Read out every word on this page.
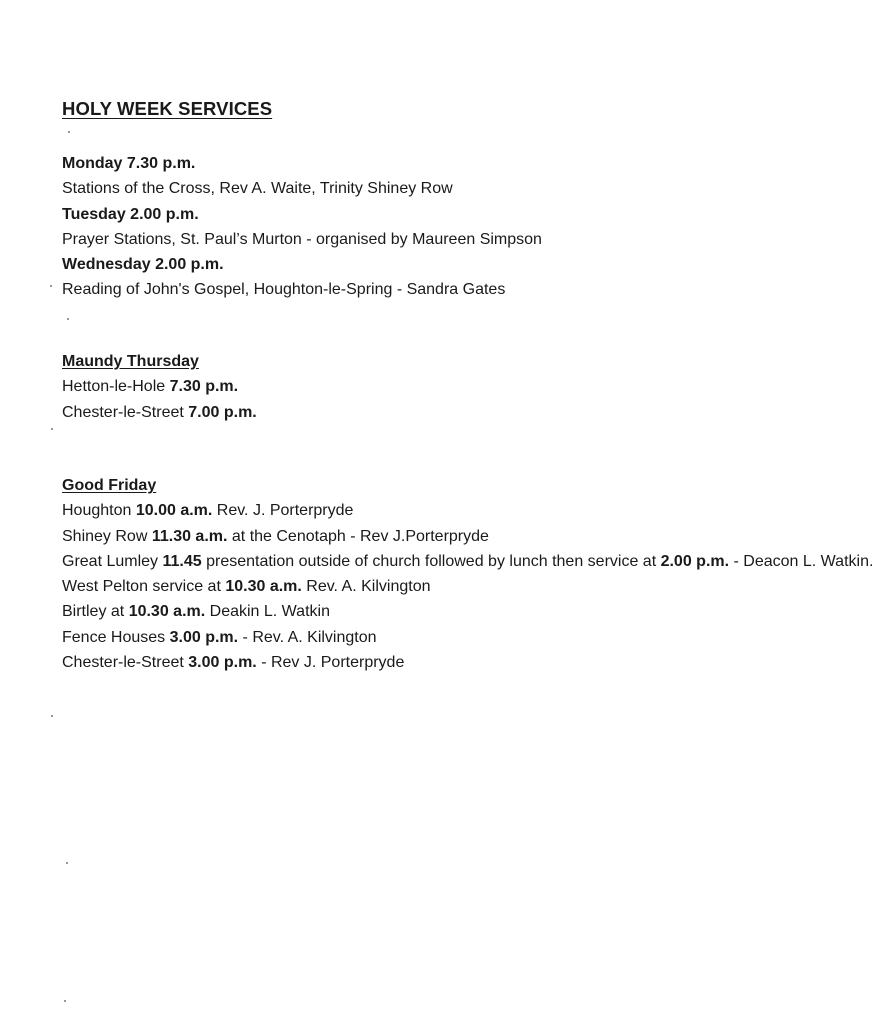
HOLY WEEK SERVICES
Monday 7.30 p.m.
Stations of the Cross, Rev A. Waite, Trinity Shiney Row
Tuesday 2.00 p.m.
Prayer Stations, St. Paul’s Murton - organised by Maureen Simpson
Wednesday 2.00 p.m.
Reading of John's Gospel, Houghton-le-Spring - Sandra Gates
Maundy Thursday
Hetton-le-Hole 7.30 p.m.
Chester-le-Street 7.00 p.m.
Good Friday
Houghton 10.00 a.m. Rev. J. Porterpryde
Shiney Row 11.30 a.m. at the Cenotaph - Rev J.Porterpryde
Great Lumley 11.45 presentation outside of church followed by lunch then service at 2.00 p.m. - Deacon L. Watkin.
West Pelton service at 10.30 a.m. Rev. A. Kilvington
Birtley at 10.30 a.m. Deakin L. Watkin
Fence Houses 3.00 p.m. - Rev. A. Kilvington
Chester-le-Street 3.00 p.m. - Rev J. Porterpryde
